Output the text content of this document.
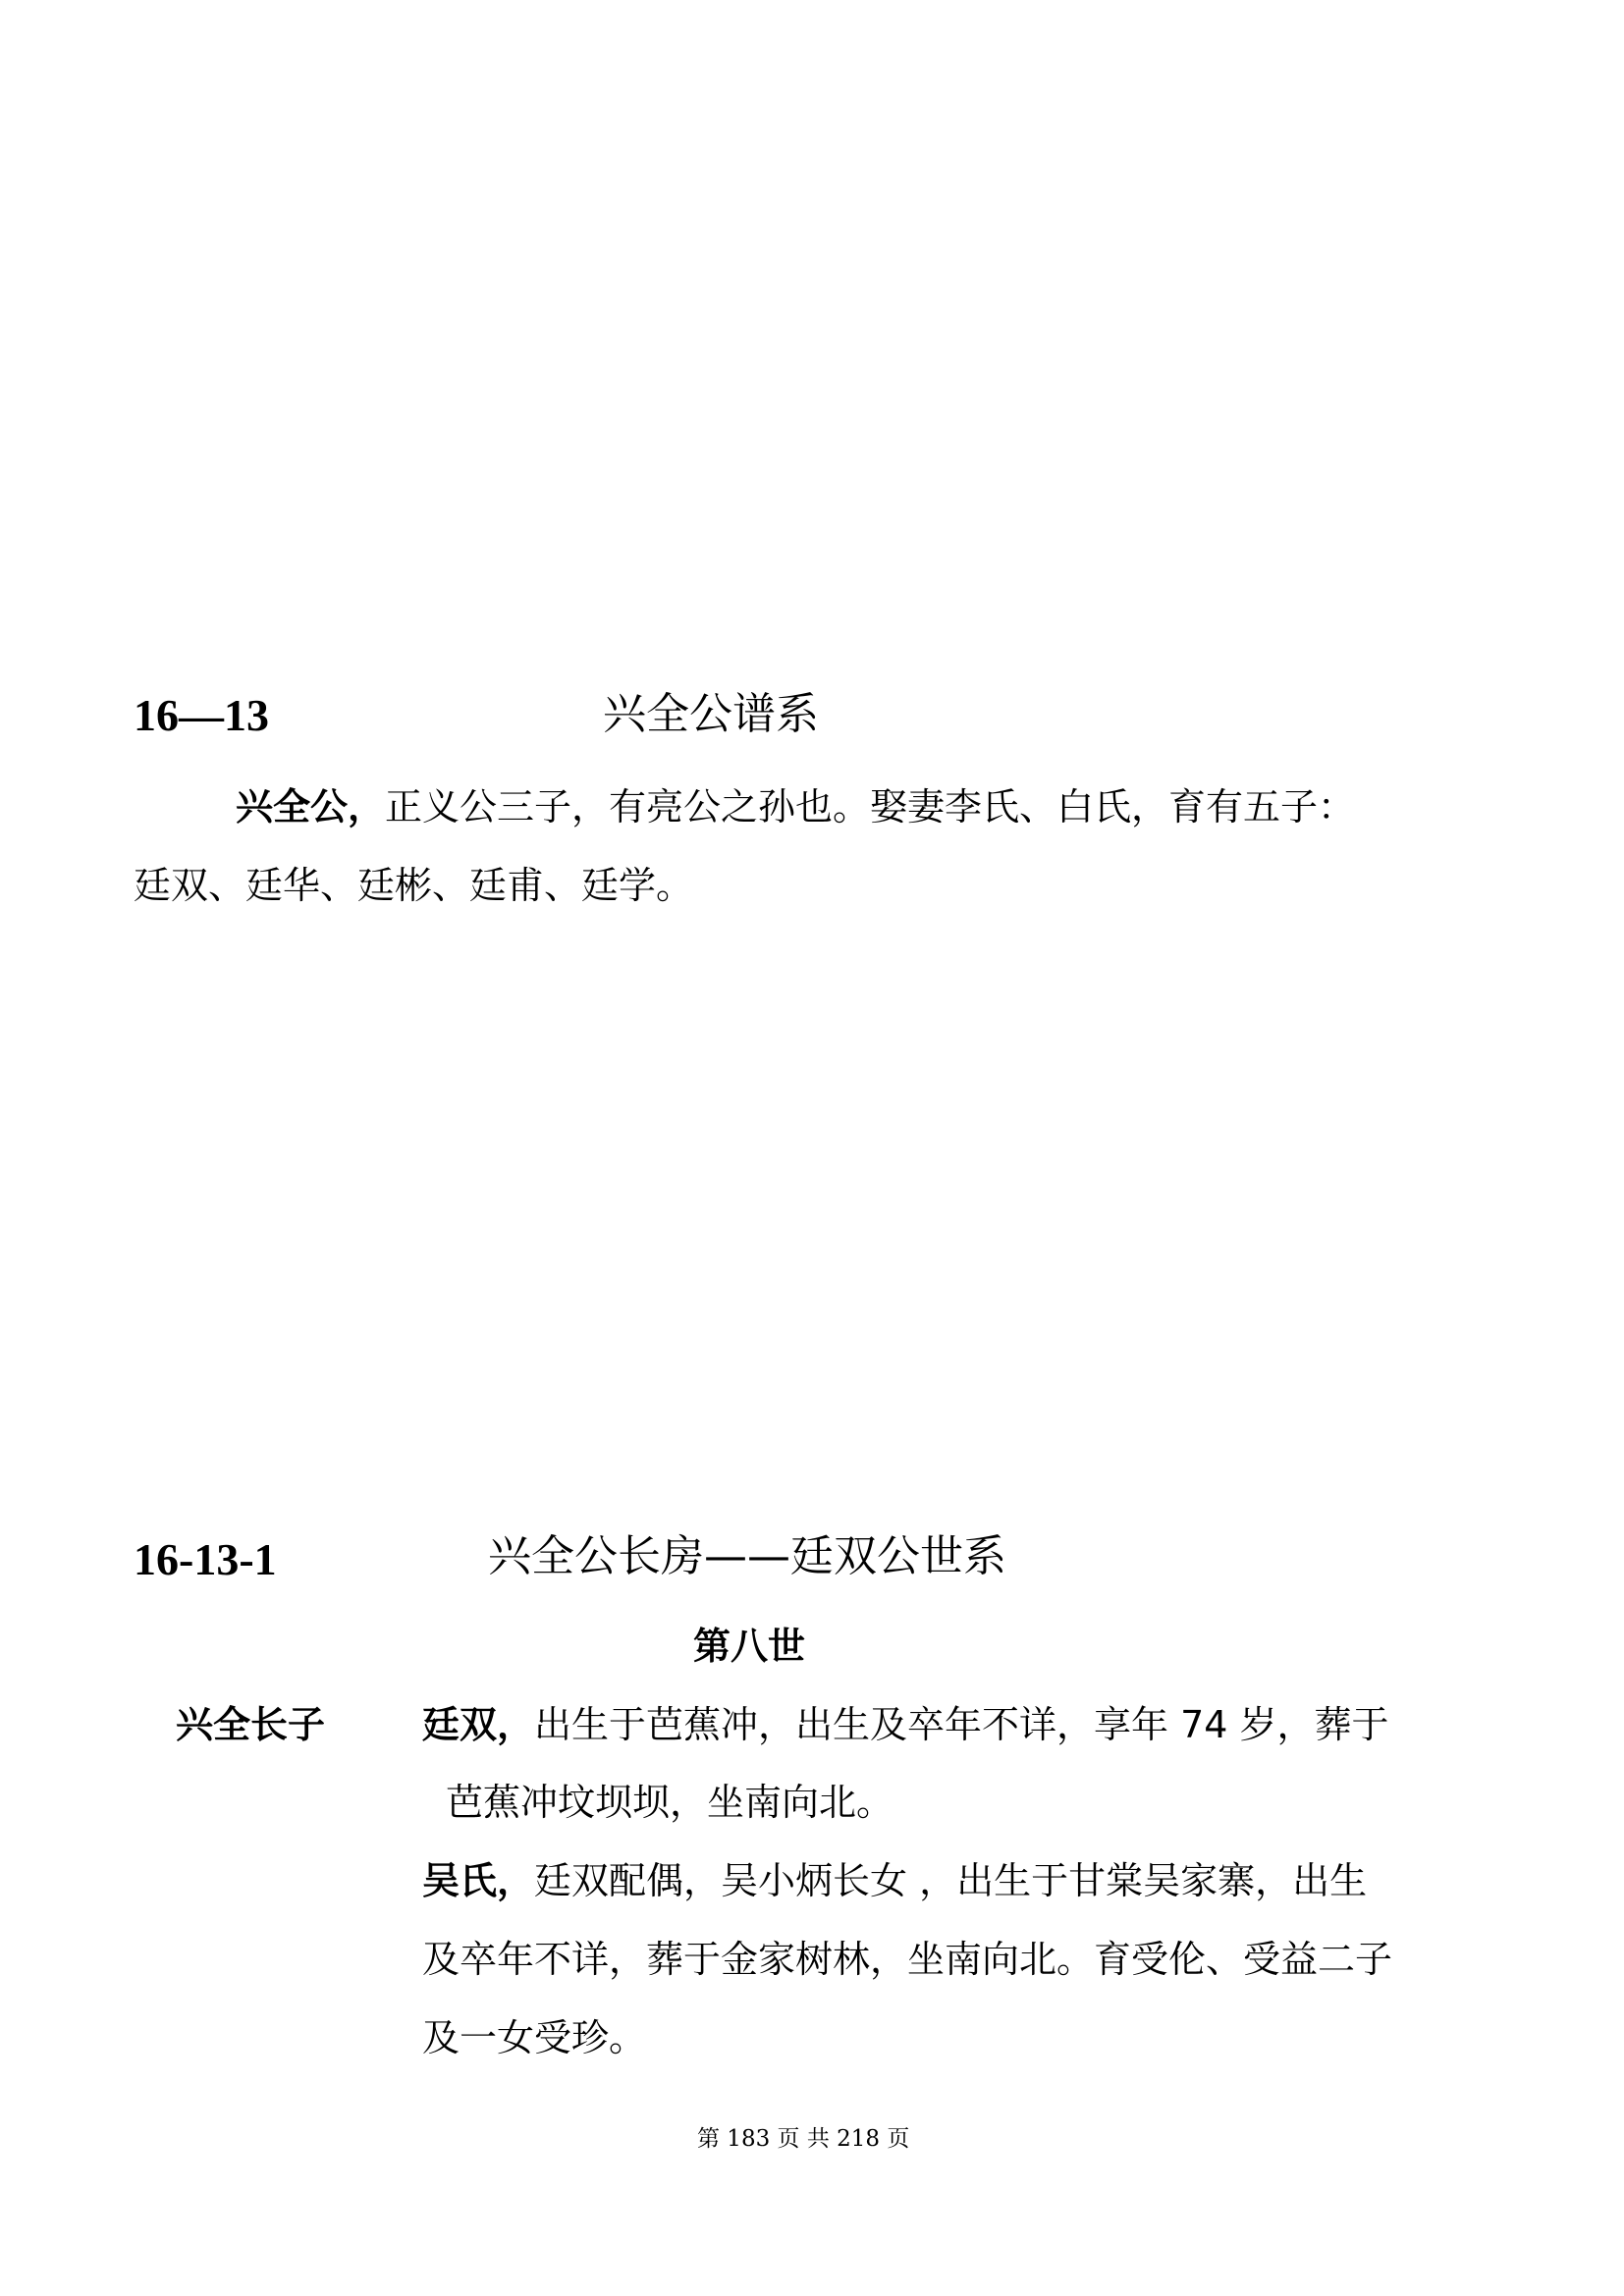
16—13	兴全公谱系
兴全公，正义公三子，有亮公之孙也。娶妻李氏、白氏，育有五子：
廷双、廷华、廷彬、廷甫、廷学。
16-13-1	兴全公长房——廷双公世系
第八世
兴全长子	廷双，出生于芭蕉冲，出生及卒年不详，享年 74 岁，葬于
芭蕉冲坟坝坝，坐南向北。
吴氏，廷双配偶，吴小炳长女 ，出生于甘棠吴家寨，出生
及卒年不详，葬于金家树林，坐南向北。育受伦、受益二子
及一女受珍。
第 183 页 共 218 页
